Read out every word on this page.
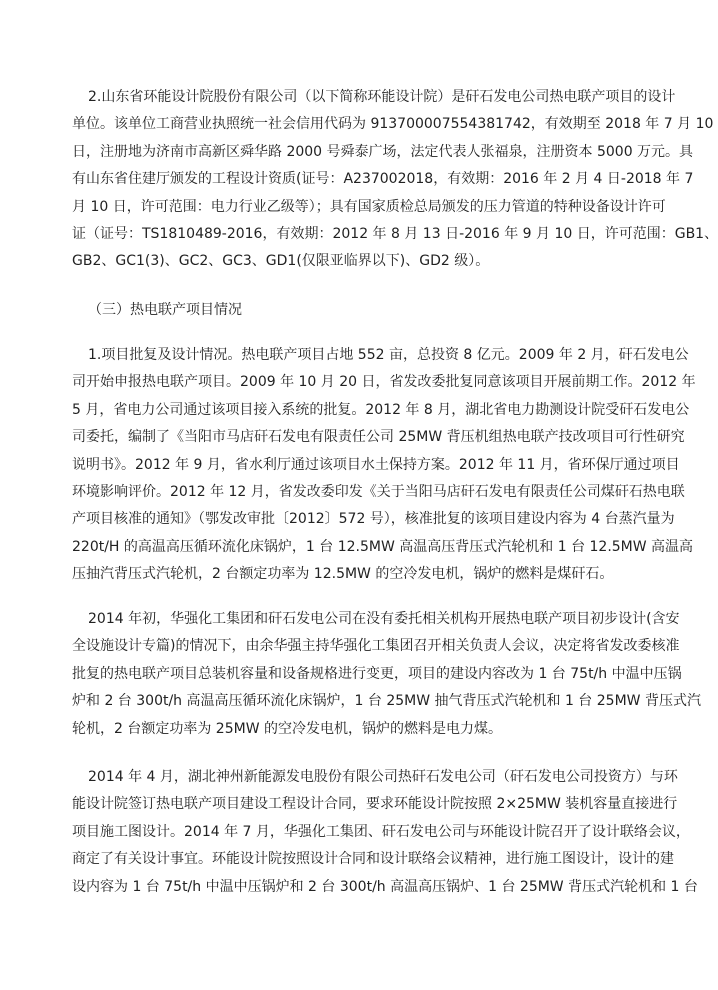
2.山东省环能设计院股份有限公司（以下简称环能设计院）是矸石发电公司热电联产项目的设计
单位。该单位工商营业执照统一社会信用代码为 913700007554381742，有效期至 2018 年 7 月 10
日，注册地为济南市高新区舜华路 2000 号舜泰广场，法定代表人张福泉，注册资本 5000 万元。具
有山东省住建厅颁发的工程设计资质(证号：A237002018，有效期：2016 年 2 月 4 日-2018 年 7
月 10 日，许可范围：电力行业乙级等）；具有国家质检总局颁发的压力管道的特种设备设计许可
证（证号：TS1810489-2016，有效期：2012 年 8 月 13 日-2016 年 9 月 10 日，许可范围：GB1、
GB2、GC1(3)、GC2、GC3、GD1(仅限亚临界以下)、GD2 级）。
（三）热电联产项目情况
1.项目批复及设计情况。热电联产项目占地 552 亩，总投资 8 亿元。2009 年 2 月，矸石发电公
司开始申报热电联产项目。2009 年 10 月 20 日，省发改委批复同意该项目开展前期工作。2012 年
5 月，省电力公司通过该项目接入系统的批复。2012 年 8 月，湖北省电力勘测设计院受矸石发电公
司委托，编制了《当阳市马店矸石发电有限责任公司 25MW 背压机组热电联产技改项目可行性研究
说明书》。2012 年 9 月，省水利厅通过该项目水土保持方案。2012 年 11 月，省环保厅通过项目
环境影响评价。2012 年 12 月，省发改委印发《关于当阳马店矸石发电有限责任公司煤矸石热电联
产项目核准的通知》（鄂发改审批〔2012〕572 号），核准批复的该项目建设内容为 4 台蒸汽量为
220t/H 的高温高压循环流化床锅炉，1 台 12.5MW 高温高压背压式汽轮机和 1 台 12.5MW 高温高
压抽汽背压式汽轮机，2 台额定功率为 12.5MW 的空冷发电机，锅炉的燃料是煤矸石。
2014 年初，华强化工集团和矸石发电公司在没有委托相关机构开展热电联产项目初步设计(含安
全设施设计专篇)的情况下，由余华强主持华强化工集团召开相关负责人会议，决定将省发改委核准
批复的热电联产项目总装机容量和设备规格进行变更，项目的建设内容改为 1 台 75t/h 中温中压锅
炉和 2 台 300t/h 高温高压循环流化床锅炉，1 台 25MW 抽气背压式汽轮机和 1 台 25MW 背压式汽
轮机，2 台额定功率为 25MW 的空冷发电机，锅炉的燃料是电力煤。
2014 年 4 月，湖北神州新能源发电股份有限公司热矸石发电公司（矸石发电公司投资方）与环
能设计院签订热电联产项目建设工程设计合同，要求环能设计院按照 2×25MW 装机容量直接进行
项目施工图设计。2014 年 7 月，华强化工集团、矸石发电公司与环能设计院召开了设计联络会议，
商定了有关设计事宜。环能设计院按照设计合同和设计联络会议精神，进行施工图设计，设计的建
设内容为 1 台 75t/h 中温中压锅炉和 2 台 300t/h 高温高压锅炉、1 台 25MW 背压式汽轮机和 1 台
